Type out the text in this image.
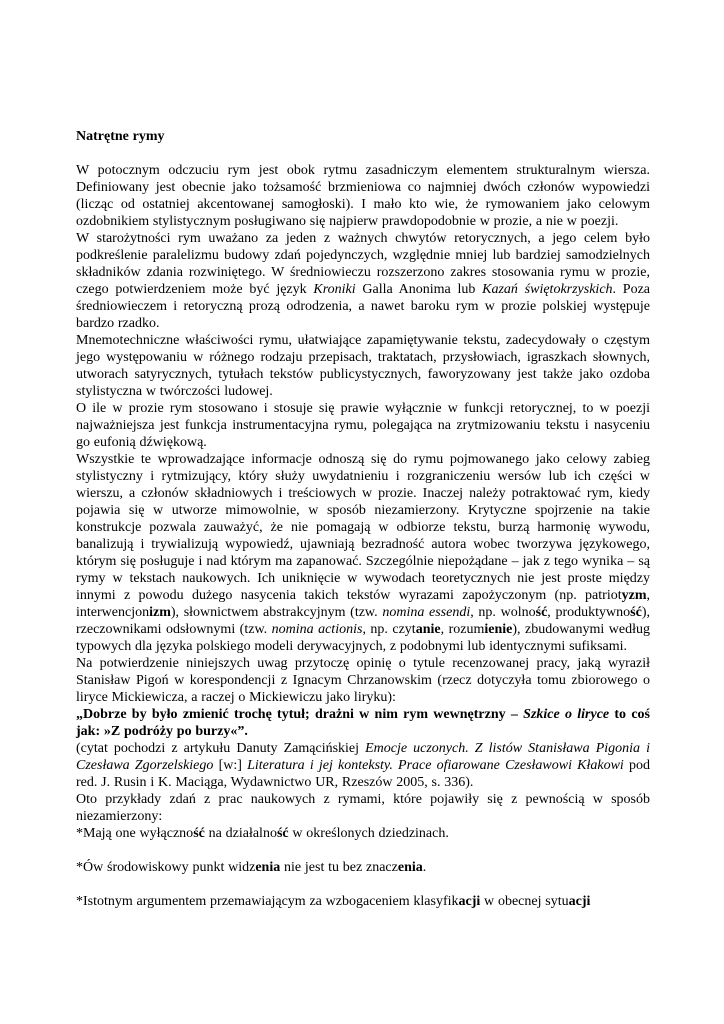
Natrętne rymy

W potocznym odczuciu rym jest obok rytmu zasadniczym elementem strukturalnym wiersza. Definiowany jest obecnie jako tożsamość brzmieniowa co najmniej dwóch członów wypowiedzi (licząc od ostatniej akcentowanej samogłoski). I mało kto wie, że rymowaniem jako celowym ozdobnikiem stylistycznym posługiwano się najpierw prawdopodobnie w prozie, a nie w poezji.

W starożytności rym uważano za jeden z ważnych chwytów retorycznych, a jego celem było podkreślenie paralelizmu budowy zdań pojedynczych, względnie mniej lub bardziej samodzielnych składników zdania rozwiniętego. W średniowieczu rozszerzono zakres stosowania rymu w prozie, czego potwierdzeniem może być język Kroniki Galla Anonima lub Kazań świętokrzyskich. Poza średniowieczem i retoryczną prozą odrodzenia, a nawet baroku rym w prozie polskiej występuje bardzo rzadko.

Mnemotechniczne właściwości rymu, ułatwiające zapamiętywanie tekstu, zadecydowały o częstym jego występowaniu w różnego rodzaju przepisach, traktatach, przysłowiach, igraszkach słownych, utworach satyrycznych, tytułach tekstów publicystycznych, faworyzowany jest także jako ozdoba stylistyczna w twórczości ludowej.

O ile w prozie rym stosowano i stosuje się prawie wyłącznie w funkcji retorycznej, to w poezji najważniejsza jest funkcja instrumentacyjna rymu, polegająca na zrytmizowaniu tekstu i nasyceniu go eufonią dźwiękową.

Wszystkie te wprowadzające informacje odnoszą się do rymu pojmowanego jako celowy zabieg stylistyczny i rytmizujący, który służy uwydatnieniu i rozgraniczeniu wersów lub ich części w wierszu, a członów składniowych i treściowych w prozie. Inaczej należy potraktować rym, kiedy pojawia się w utworze mimowolnie, w sposób niezamierzony. Krytyczne spojrzenie na takie konstrukcje pozwala zauważyć, że nie pomagają w odbiorze tekstu, burzą harmonię wywodu, banalizują i trywializują wypowiedź, ujawniają bezradność autora wobec tworzywa językowego, którym się posługuje i nad którym ma zapanować. Szczególnie niepożądane – jak z tego wynika – są rymy w tekstach naukowych. Ich uniknięcie w wywodach teoretycznych nie jest proste między innymi z powodu dużego nasycenia takich tekstów wyrazami zapożyczonym (np. patriotyzm, interwencjonizm), słownictwem abstrakcyjnym (tzw. nomina essendi, np. wolność, produktywność), rzeczownikami odsłownymi (tzw. nomina actionis, np. czytanie, rozumienie), zbudowanymi według typowych dla języka polskiego modeli derywacyjnych, z podobnymi lub identycznymi sufiksami.

Na potwierdzenie niniejszych uwag przytoczę opinię o tytule recenzowanej pracy, jaką wyraził Stanisław Pigoń w korespondencji z Ignacym Chrzanowskim (rzecz dotyczyła tomu zbiorowego o liryce Mickiewicza, a raczej o Mickiewiczu jako liryku):

„Dobrze by było zmienić trochę tytuł; drażni w nim rym wewnętrzny – Szkice o liryce to coś jak: »Z podróży po burzy«”.

(cytat pochodzi z artykułu Danuty Zamącińskiej Emocje uczonych. Z listów Stanisława Pigonia i Czesława Zgorzelskiego [w:] Literatura i jej konteksty. Prace ofiarowane Czesławowi Kłakowi pod red. J. Rusin i K. Maciąga, Wydawnictwo UR, Rzeszów 2005, s. 336).

Oto przykłady zdań z prac naukowych z rymami, które pojawiły się z pewnością w sposób niezamierzony:

*Mają one wyłączność na działalność w określonych dziedzinach.

*Ów środowiskowy punkt widzenia nie jest tu bez znaczenia.

*Istotnym argumentem przemawiającym za wzbogaceniem klasyfikacji w obecnej sytuacji
